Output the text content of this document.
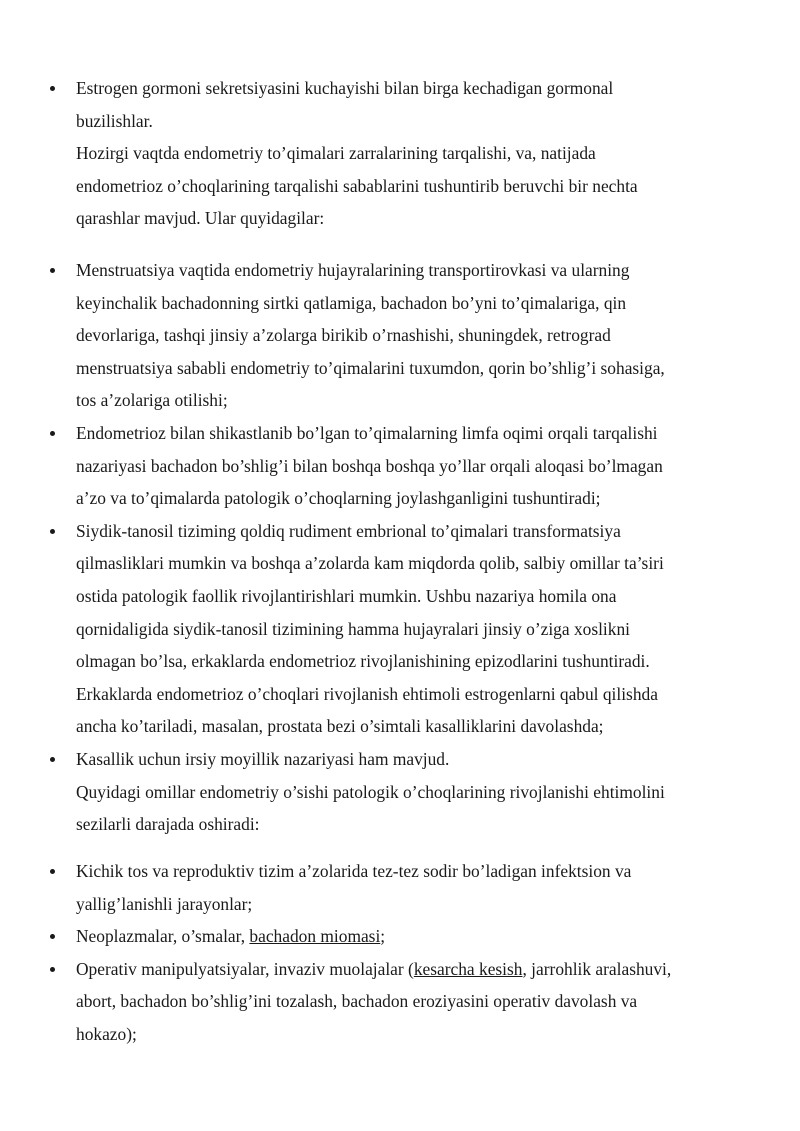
Estrogen gormoni sekretsiyasini kuchayishi bilan birga kechadigan gormonal
buzilishlar.
Hozirgi vaqtda endometriy to’qimalari zarralarining tarqalishi, va, natijada
endometrioz o’choqlarining tarqalishi sabablarini tushuntirib beruvchi bir nechta
qarashlar mavjud. Ular quyidagilar:
Menstruatsiya vaqtida endometriy hujayralarining transportirovkasi va ularning
keyinchalik bachadonning sirtki qatlamiga, bachadon bo’yni to’qimalariga, qin
devorlariga, tashqi jinsiy a’zolarga birikib o’rnashishi, shuningdek, retrograd
menstruatsiya sababli endometriy to’qimalarini tuxumdon, qorin bo’shlig’i sohasiga,
tos a’zolariga otilishi;
Endometrioz bilan shikastlanib bo’lgan to’qimalarning limfa oqimi orqali tarqalishi
nazariyasi bachadon bo’shlig’i bilan boshqa boshqa yo’llar orqali aloqasi bo’lmagan
a’zo va to’qimalarda patologik o’choqlarning joylashganligini tushuntiradi;
Siydik-tanosil tiziming qoldiq rudiment embrional to’qimalari transformatsiya
qilmasliklari mumkin va boshqa a’zolarda kam miqdorda qolib, salbiy omillar ta’siri
ostida patologik faollik rivojlantirishlari mumkin. Ushbu nazariya homila ona
qornidaligida siydik-tanosil tizimining hamma hujayralari jinsiy o’ziga xoslikni
olmagan bo’lsa, erkaklarda endometrioz rivojlanishining epizodlarini tushuntiradi.
Erkaklarda endometrioz o’choqlari rivojlanish ehtimoli estrogenlarni qabul qilishda
ancha ko’tariladi, masalan, prostata bezi o’simtali kasalliklarini davolashda;
Kasallik uchun irsiy moyillik nazariyasi ham mavjud.
Quyidagi omillar endometriy o’sishi patologik o’choqlarining rivojlanishi ehtimolini
sezilarli darajada oshiradi:
Kichik tos va reproduktiv tizim a’zolarida tez-tez sodir bo’ladigan infektsion va
yallig’lanishli jarayonlar;
Neoplazmalar, o’smalar, bachadon miomasi;
Operativ manipulyatsiyalar, invaziv muolajalar (kesarcha kesish, jarrohlik aralashuvi,
abort, bachadon bo’shlig’ini tozalash, bachadon eroziyasini operativ davolash va
hokazo);
